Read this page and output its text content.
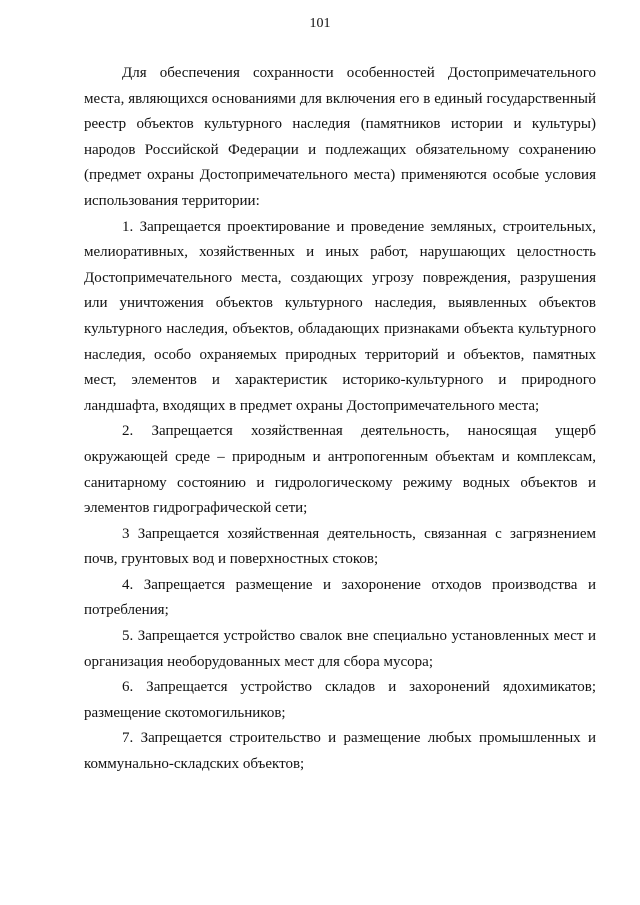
101

Для обеспечения сохранности особенностей Достопримечательного места, являющихся основаниями для включения его в единый государственный реестр объектов культурного наследия (памятников истории и культуры) народов Российской Федерации и подлежащих обязательному сохранению (предмет охраны Достопримечательного места) применяются особые условия использования территории:

1. Запрещается проектирование и проведение земляных, строительных, мелиоративных, хозяйственных и иных работ, нарушающих целостность Достопримечательного места, создающих угрозу повреждения, разрушения или уничтожения объектов культурного наследия, выявленных объектов культурного наследия, объектов, обладающих признаками объекта культурного наследия, особо охраняемых природных территорий и объектов, памятных мест, элементов и характеристик историко-культурного и природного ландшафта, входящих в предмет охраны Достопримечательного места;

2. Запрещается хозяйственная деятельность, наносящая ущерб окружающей среде – природным и антропогенным объектам и комплексам, санитарному состоянию и гидрологическому режиму водных объектов и элементов гидрографической сети;

3 Запрещается хозяйственная деятельность, связанная с загрязнением почв, грунтовых вод и поверхностных стоков;

4. Запрещается размещение и захоронение отходов производства и потребления;

5. Запрещается устройство свалок вне специально установленных мест и организация необорудованных мест для сбора мусора;

6. Запрещается устройство складов и захоронений ядохимикатов; размещение скотомогильников;

7. Запрещается строительство и размещение любых промышленных и коммунально-складских объектов;
